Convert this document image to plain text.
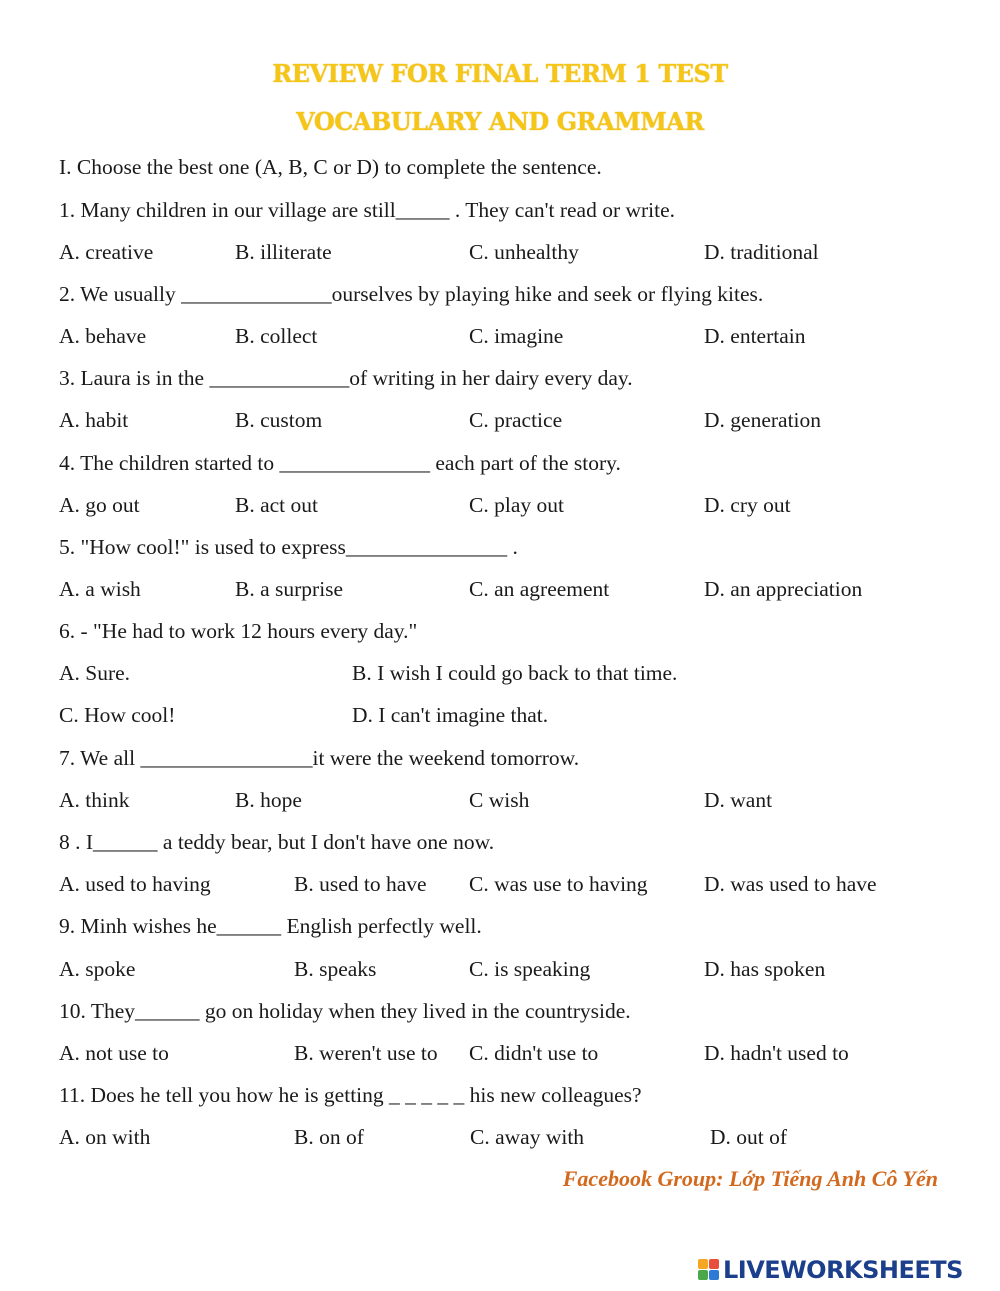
REVIEW FOR FINAL TERM 1 TEST
VOCABULARY AND GRAMMAR
I. Choose the best one (A, B, C or D) to complete the sentence.
1. Many children in our village are still_____ . They can't read or write.
A. creative	B. illiterate	C. unhealthy	D. traditional
2. We usually ______________ourselves by playing hike and seek or flying kites.
A. behave	B. collect	C. imagine	D. entertain
3. Laura is in the _____________of writing in her dairy every day.
A. habit	B. custom	C. practice	D. generation
4. The children started to ______________ each part of the story.
A. go out	B. act out	C. play out	D. cry out
5. "How cool!" is used to express_______________ .
A. a wish	B. a surprise	C. an agreement	D. an appreciation
6. - "He had to work 12 hours every day."
A. Sure.	B. I wish I could go back to that time.
C. How cool!	D. I can't imagine that.
7. We all ________________it were the weekend tomorrow.
A. think	B. hope	C wish	D. want
8 . I______ a teddy bear, but I don't have one now.
A. used to having	B. used to have C. was use to having	D. was used to have
9. Minh wishes he______ English perfectly well.
A. spoke	B. speaks	C. is speaking	D. has spoken
10. They______ go on holiday when they lived in the countryside.
A. not use to	B. weren't use to C. didn't use to	D. hadn't used to
11. Does he tell you how he is getting _ _ _ _ _ his new colleagues?
A. on with	B. on of	C. away with	D. out of
Facebook Group: Lớp Tiếng Anh Cô Yến
LIVEWORKSHEETS
